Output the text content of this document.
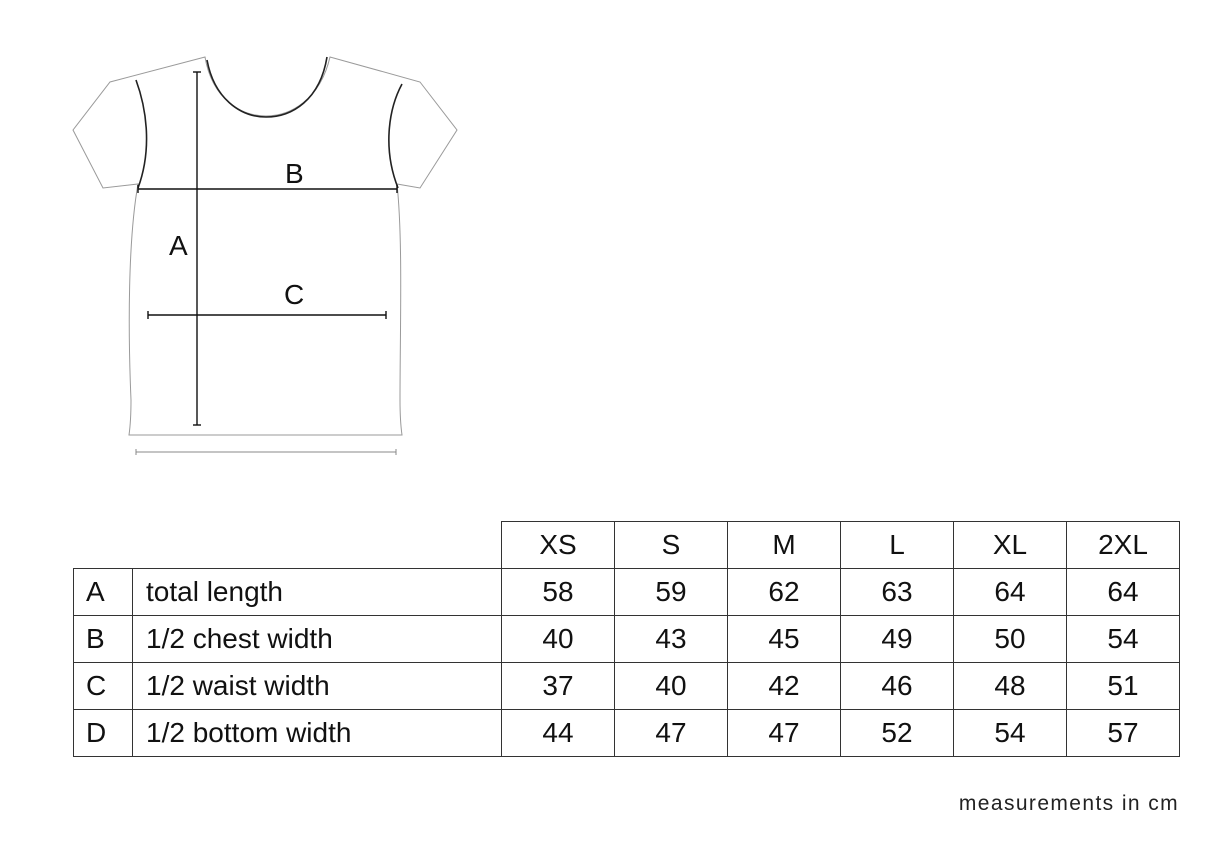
A
B
C
		XS	S	M	L	XL	2XL
A	total length	58	59	62	63	64	64
B	1/2 chest width	40	43	45	49	50	54
C	1/2 waist width	37	40	42	46	48	51
D	1/2 bottom width	44	47	47	52	54	57
measurements in cm
